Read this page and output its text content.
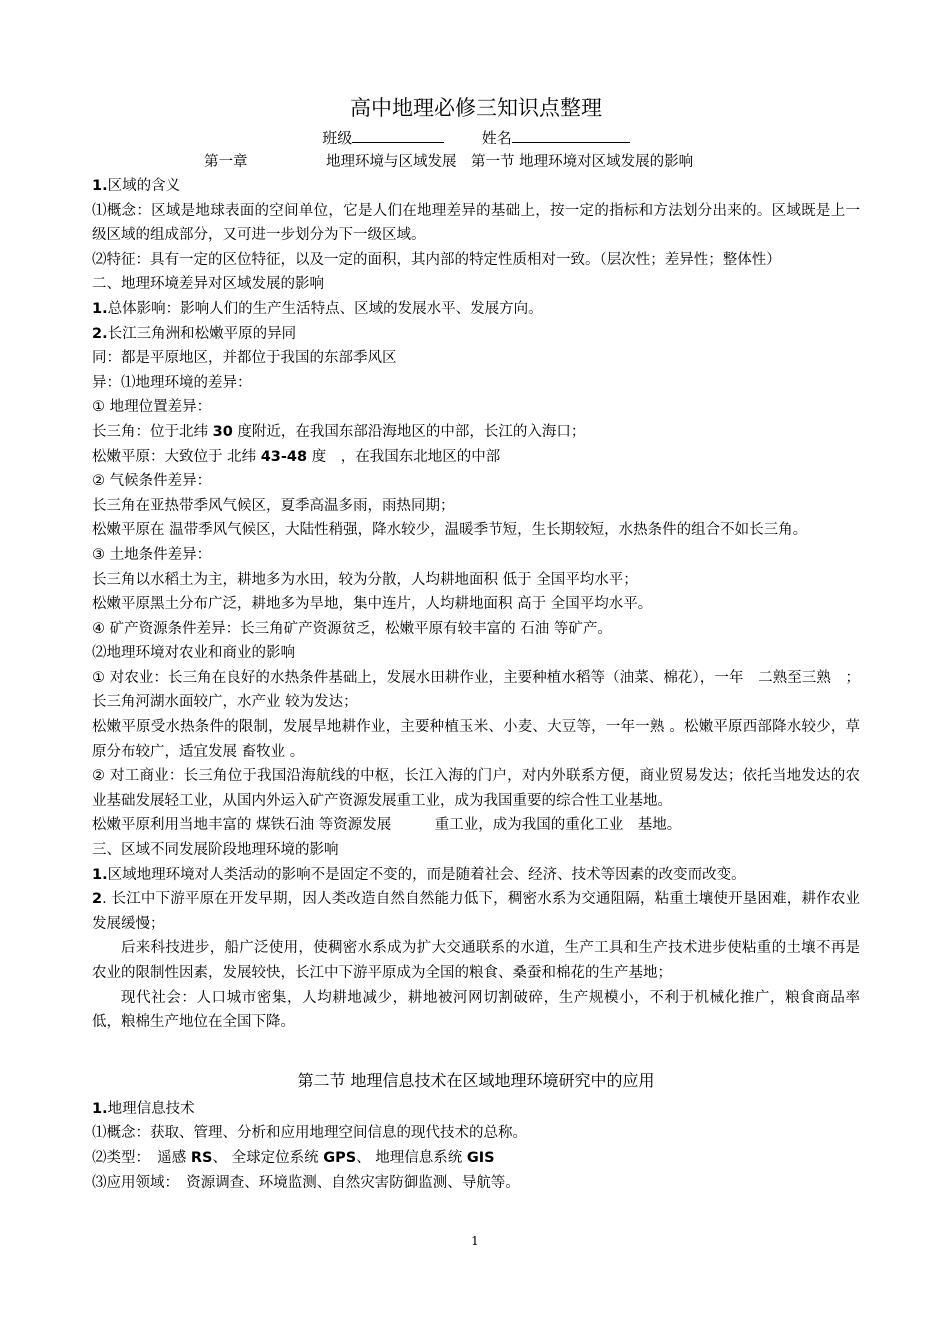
高中地理必修三知识点整理
班级	姓名
第一章	地理环境与区域发展　第一节 地理环境对区域发展的影响

1.区域的含义

⑴概念：区域是地球表面的空间单位，它是人们在地理差异的基础上，按一定的指标和方法划分出来的。区域既是上一级区域的组成部分，又可进一步划分为下一级区域。

⑵特征：具有一定的区位特征，以及一定的面积，其内部的特定性质相对一致。（层次性；差异性；整体性）

二、地理环境差异对区域发展的影响

1.总体影响：影响人们的生产生活特点、区域的发展水平、发展方向。

2.长江三角洲和松嫩平原的异同

同：都是平原地区，并都位于我国的东部季风区

异：⑴地理环境的差异：

① 地理位置差异：

长三角：位于北纬 30 度附近，在我国东部沿海地区的中部，长江的入海口；

松嫩平原：大致位于 北纬 43-48 度　，在我国东北地区的中部

② 气候条件差异：

长三角在亚热带季风气候区，夏季高温多雨，雨热同期；

松嫩平原在 温带季风气候区，大陆性稍强，降水较少，温暖季节短，生长期较短，水热条件的组合不如长三角。

③ 土地条件差异：

长三角以水稻土为主，耕地多为水田，较为分散，人均耕地面积 低于 全国平均水平；

松嫩平原黑土分布广泛，耕地多为旱地，集中连片，人均耕地面积 高于 全国平均水平。

④ 矿产资源条件差异：长三角矿产资源贫乏，松嫩平原有较丰富的 石油 等矿产。

⑵地理环境对农业和商业的影响

① 对农业：长三角在良好的水热条件基础上，发展水田耕作业，主要种植水稻等（油菜、棉花），一年　二熟至三熟　；长三角河湖水面较广，水产业 较为发达；

松嫩平原受水热条件的限制，发展旱地耕作业，主要种植玉米、小麦、大豆等，一年一熟 。松嫩平原西部降水较少，草原分布较广，适宜发展 畜牧业 。

② 对工商业：长三角位于我国沿海航线的中枢，长江入海的门户，对内外联系方便，商业贸易发达；依托当地发达的农业基础发展轻工业，从国内外运入矿产资源发展重工业，成为我国重要的综合性工业基地。

松嫩平原利用当地丰富的 煤铁石油 等资源发展　　　重工业，成为我国的重化工业　基地。

三、区域不同发展阶段地理环境的影响

1.区域地理环境对人类活动的影响不是固定不变的，而是随着社会、经济、技术等因素的改变而改变。

2. 长江中下游平原在开发早期，因人类改造自然自然能力低下，稠密水系为交通阻隔，粘重土壤使开垦困难，耕作农业发展缓慢；

后来科技进步，船广泛使用，使稠密水系成为扩大交通联系的水道，生产工具和生产技术进步使粘重的土壤不再是农业的限制性因素，发展较快，长江中下游平原成为全国的粮食、桑蚕和棉花的生产基地；

现代社会：人口城市密集，人均耕地减少，耕地被河网切割破碎，生产规模小，不利于机械化推广，粮食商品率低，粮棉生产地位在全国下降。

第二节 地理信息技术在区域地理环境研究中的应用

1.地理信息技术

⑴概念：获取、管理、分析和应用地理空间信息的现代技术的总称。

⑵类型：　遥感 RS、 全球定位系统 GPS、 地理信息系统 GIS

⑶应用领域：　资源调查、环境监测、自然灾害防御监测、导航等。

1
